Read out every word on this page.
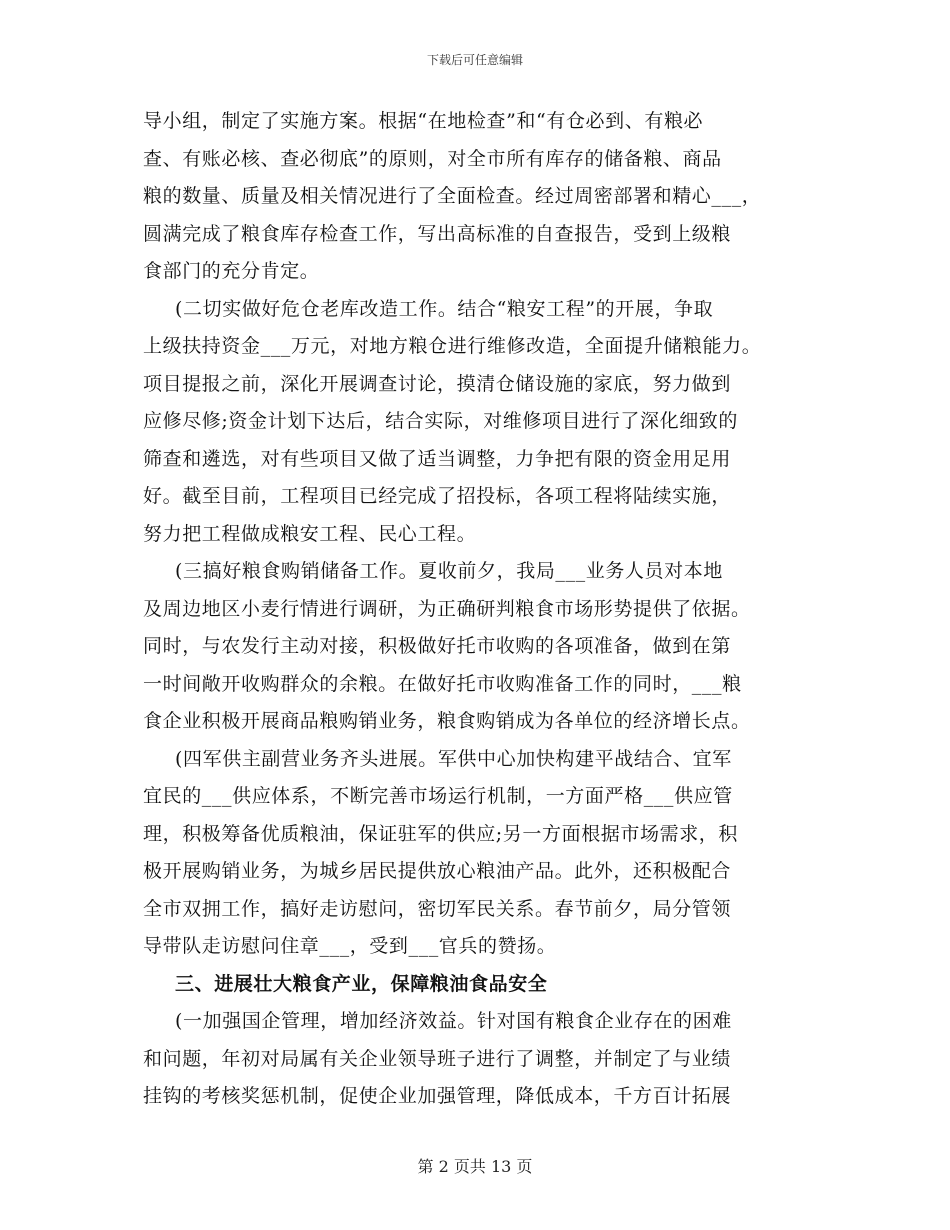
下载后可任意编辑
导小组，制定了实施方案。根据“在地检查”和“有仓必到、有粮必
查、有账必核、查必彻底”的原则，对全市所有库存的储备粮、商品
粮的数量、质量及相关情况进行了全面检查。经过周密部署和精心___，
圆满完成了粮食库存检查工作，写出高标准的自查报告，受到上级粮
食部门的充分肯定。
(二切实做好危仓老库改造工作。结合“粮安工程”的开展，争取
上级扶持资金___万元，对地方粮仓进行维修改造，全面提升储粮能力。
项目提报之前，深化开展调查讨论，摸清仓储设施的家底，努力做到
应修尽修;资金计划下达后，结合实际，对维修项目进行了深化细致的
筛查和遴选，对有些项目又做了适当调整，力争把有限的资金用足用
好。截至目前，工程项目已经完成了招投标，各项工程将陆续实施，
努力把工程做成粮安工程、民心工程。
(三搞好粮食购销储备工作。夏收前夕，我局___业务人员对本地
及周边地区小麦行情进行调研，为正确研判粮食市场形势提供了依据。
同时，与农发行主动对接，积极做好托市收购的各项准备，做到在第
一时间敞开收购群众的余粮。在做好托市收购准备工作的同时，___粮
食企业积极开展商品粮购销业务，粮食购销成为各单位的经济增长点。
(四军供主副营业务齐头进展。军供中心加快构建平战结合、宜军
宜民的___供应体系，不断完善市场运行机制，一方面严格___供应管
理，积极筹备优质粮油，保证驻军的供应;另一方面根据市场需求，积
极开展购销业务，为城乡居民提供放心粮油产品。此外，还积极配合
全市双拥工作，搞好走访慰问，密切军民关系。春节前夕，局分管领
导带队走访慰问住章___，受到___官兵的赞扬。
三、进展壮大粮食产业，保障粮油食品安全
(一加强国企管理，增加经济效益。针对国有粮食企业存在的困难
和问题，年初对局属有关企业领导班子进行了调整，并制定了与业绩
挂钩的考核奖惩机制，促使企业加强管理，降低成本，千方百计拓展
第 2 页共 13 页
